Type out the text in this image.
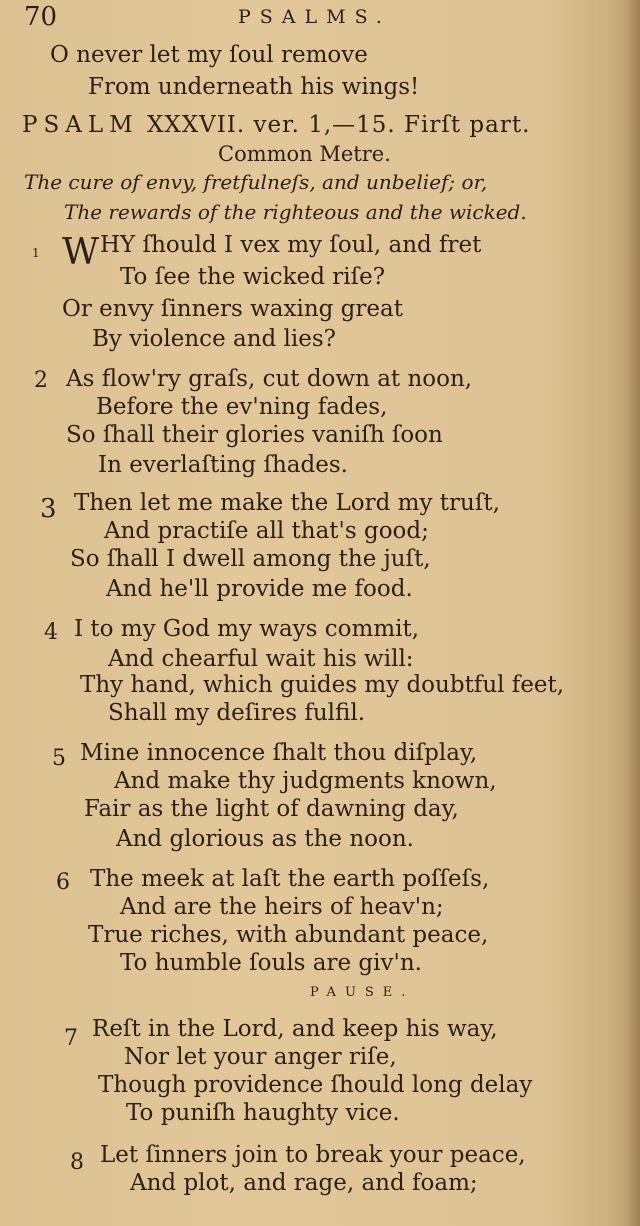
70	PSALMS.
O never let my ſoul remove
From underneath his wings!
PSALM XXXVII. ver. 1,—15. Firſt part.
Common Metre.
The cure of envy, fretfulneſs, and unbelief; or,
The rewards of the righteous and the wicked.
1 W HY ſhould I vex my ſoul, and fret
To ſee the wicked riſe?
Or envy ſinners waxing great
By violence and lies?
2 As flow'ry graſs, cut down at noon,
Before the ev'ning fades,
So ſhall their glories vaniſh ſoon
In everlaſting ſhades.
3 Then let me make the Lord my truſt,
And practiſe all that's good;
So ſhall I dwell among the juſt,
And he'll provide me food.
4 I to my God my ways commit,
And chearful wait his will:
Thy hand, which guides my doubtful feet,
Shall my deſires fulfil.
5 Mine innocence ſhalt thou diſplay,
And make thy judgments known,
Fair as the light of dawning day,
And glorious as the noon.
6 The meek at laſt the earth poſſeſs,
And are the heirs of heav'n;
True riches, with abundant peace,
To humble ſouls are giv'n.
PAUSE.
7 Reſt in the Lord, and keep his way,
Nor let your anger riſe,
Though providence ſhould long delay
To puniſh haughty vice.
8 Let ſinners join to break your peace,
And plot, and rage, and foam;
